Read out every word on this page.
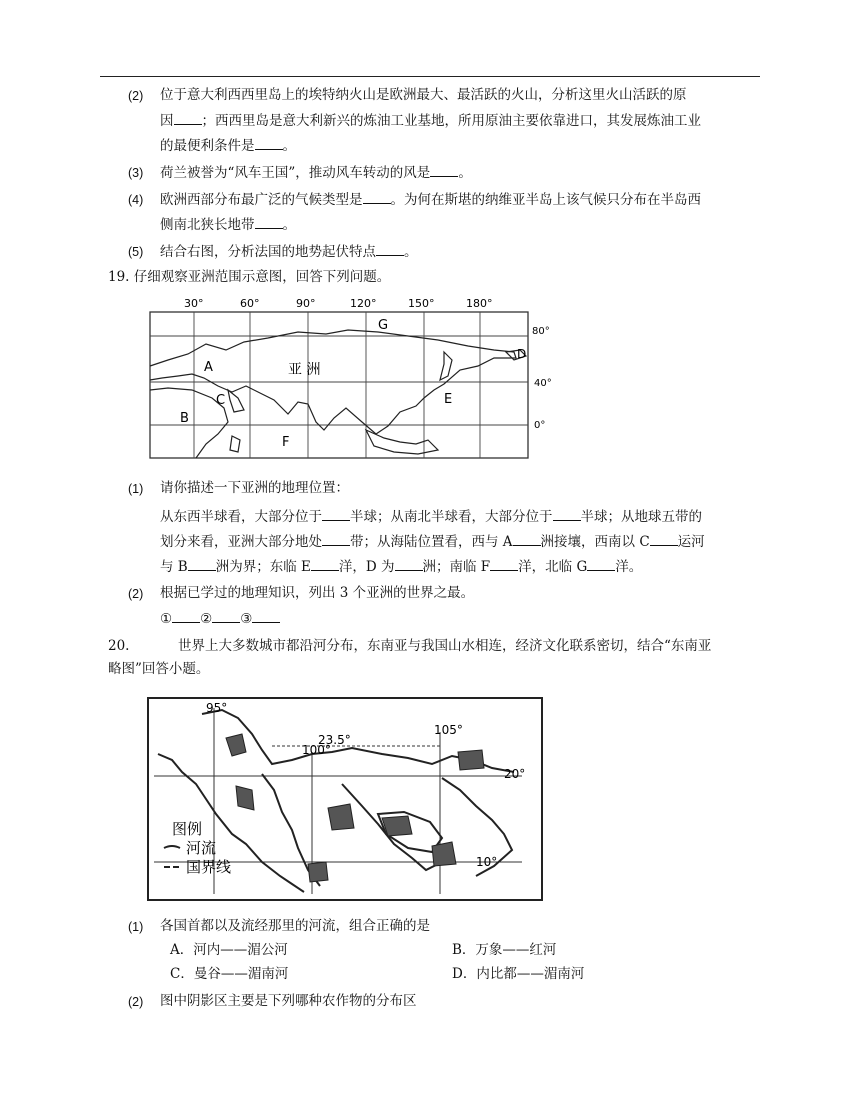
(2) 位于意大利西西里岛上的埃特纳火山是欧洲最大、最活跃的火山，分析这里火山活跃的原
因 ；西西里岛是意大利新兴的炼油工业基地，所用原油主要依靠进口，其发展炼油工业
的最便利条件是 。
(3) 荷兰被誉为“风车王国”，推动风车转动的风是 。
(4) 欧洲西部分布最广泛的气候类型是 。为何在斯堪的纳维亚半岛上该气候只分布在半岛西
侧南北狭长地带 。
(5) 结合右图，分析法国的地势起伏特点 。
19. 仔细观察亚洲范围示意图，回答下列问题。
30°	60°	90°	120°	150°	180°
80°
40°
0°
G
A
C
B
F
E
D
亚 洲
(1) 请你描述一下亚洲的地理位置：
从东西半球看，大部分位于 半球；从南北半球看，大部分位于 半球；从地球五带的
划分来看，亚洲大部分地处 带；从海陆位置看，西与 A 洲接壤，西南以 C 运河
与 B 洲为界；东临 E 洋，D 为 洲；南临 F 洋，北临 G 洋。
(2) 根据已学过的地理知识，列出 3 个亚洲的世界之最。
① ② ③
20.	世界上大多数城市都沿河分布，东南亚与我国山水相连，经济文化联系密切，结合“东南亚
略图”回答小题。
95°
100°
105°
23.5°
20°
10°
图例
河流
国界线
(1) 各国首都以及流经那里的河流，组合正确的是
A．河内——湄公河	B．万象——红河
C．曼谷——湄南河	D．内比都——湄南河
(2) 图中阴影区主要是下列哪种农作物的分布区
